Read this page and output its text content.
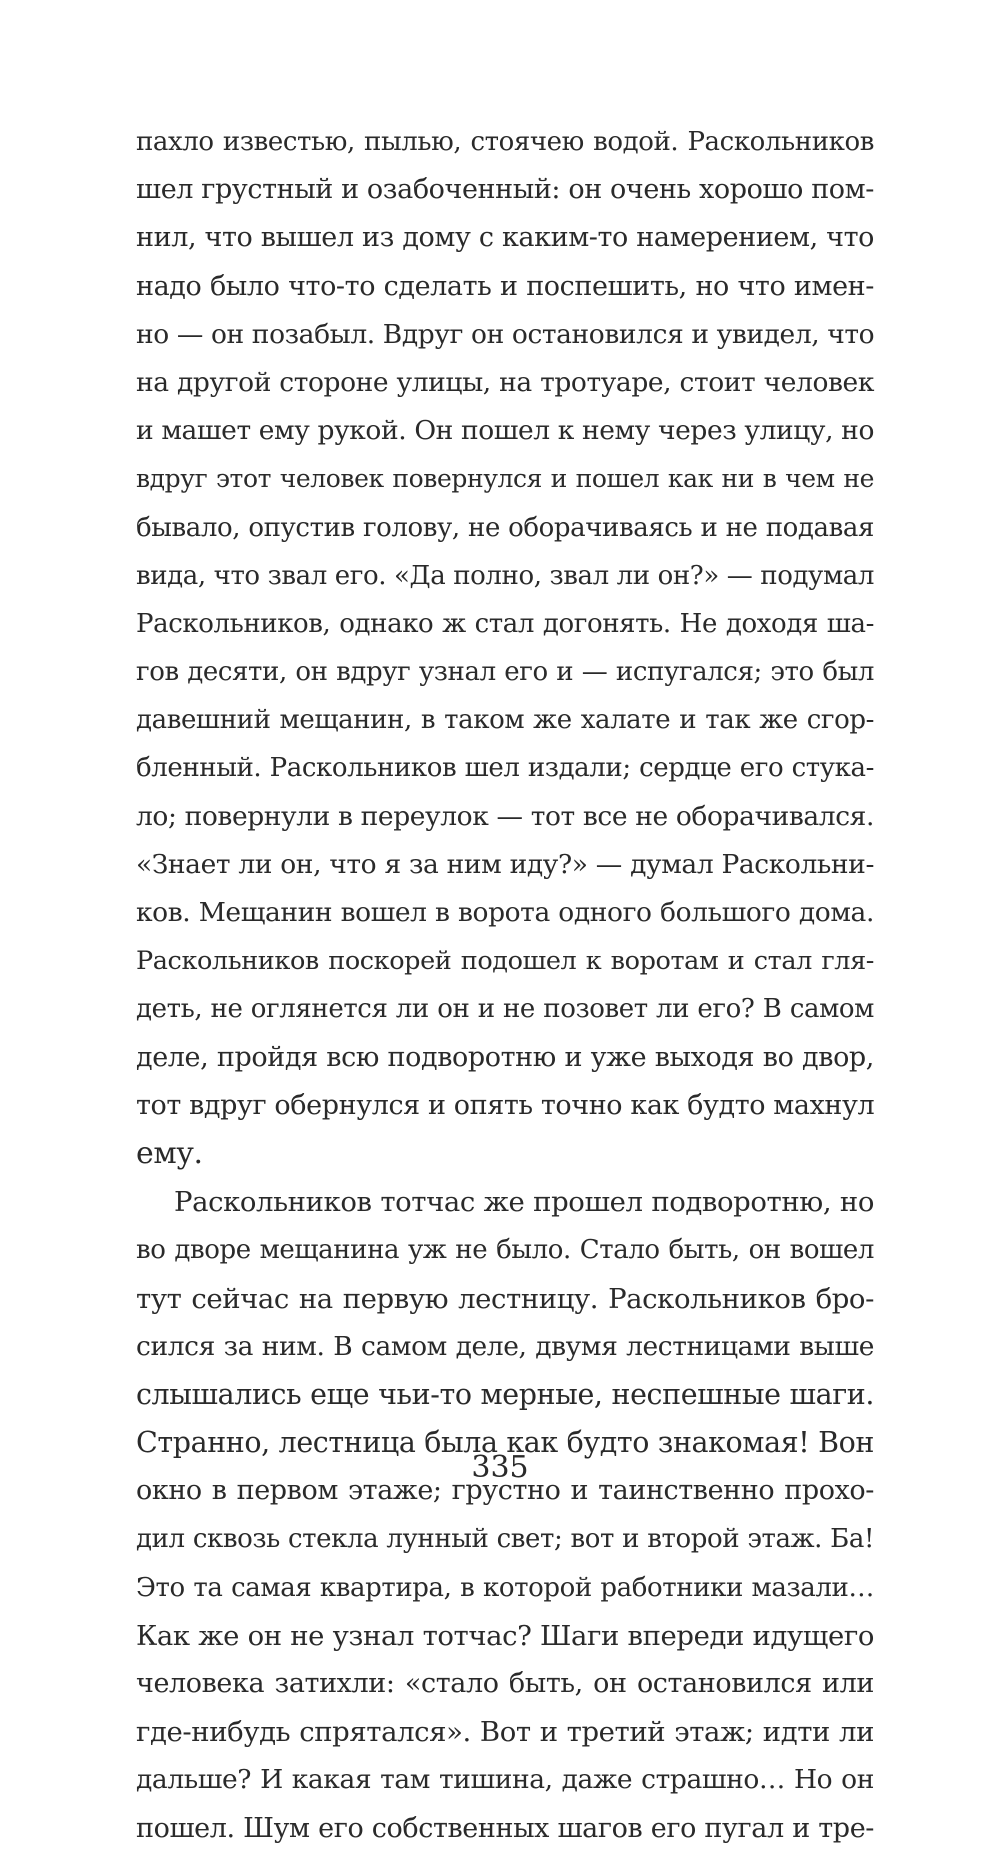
пахло известью, пылью, стоячею водой. Раскольников
шел грустный и озабоченный: он очень хорошо пом-
нил, что вышел из дому с каким-то намерением, что
надо было что-то сделать и поспешить, но что имен-
но — он позабыл. Вдруг он остановился и увидел, что
на другой стороне улицы, на тротуаре, стоит человек
и машет ему рукой. Он пошел к нему через улицу, но
вдруг этот человек повернулся и пошел как ни в чем не
бывало, опустив голову, не оборачиваясь и не подавая
вида, что звал его. «Да полно, звал ли он?» — подумал
Раскольников, однако ж стал догонять. Не доходя ша-
гов десяти, он вдруг узнал его и — испугался; это был
давешний мещанин, в таком же халате и так же сгор-
бленный. Раскольников шел издали; сердце его стука-
ло; повернули в переулок — тот все не оборачивался.
«Знает ли он, что я за ним иду?» — думал Раскольни-
ков. Мещанин вошел в ворота одного большого дома.
Раскольников поскорей подошел к воротам и стал гля-
деть, не оглянется ли он и не позовет ли его? В самом
деле, пройдя всю подворотню и уже выходя во двор,
тот вдруг обернулся и опять точно как будто махнул
ему.
Раскольников тотчас же прошел подворотню, но
во дворе мещанина уж не было. Стало быть, он вошел
тут сейчас на первую лестницу. Раскольников бро-
сился за ним. В самом деле, двумя лестницами выше
слышались еще чьи-то мерные, неспешные шаги.
Странно, лестница была как будто знакомая! Вон
окно в первом этаже; грустно и таинственно прохо-
дил сквозь стекла лунный свет; вот и второй этаж. Ба!
Это та самая квартира, в которой работники мазали…
Как же он не узнал тотчас? Шаги впереди идущего
человека затихли: «стало быть, он остановился или
где-нибудь спрятался». Вот и третий этаж; идти ли
дальше? И какая там тишина, даже страшно… Но он
пошел. Шум его собственных шагов его пугал и тре-
335
